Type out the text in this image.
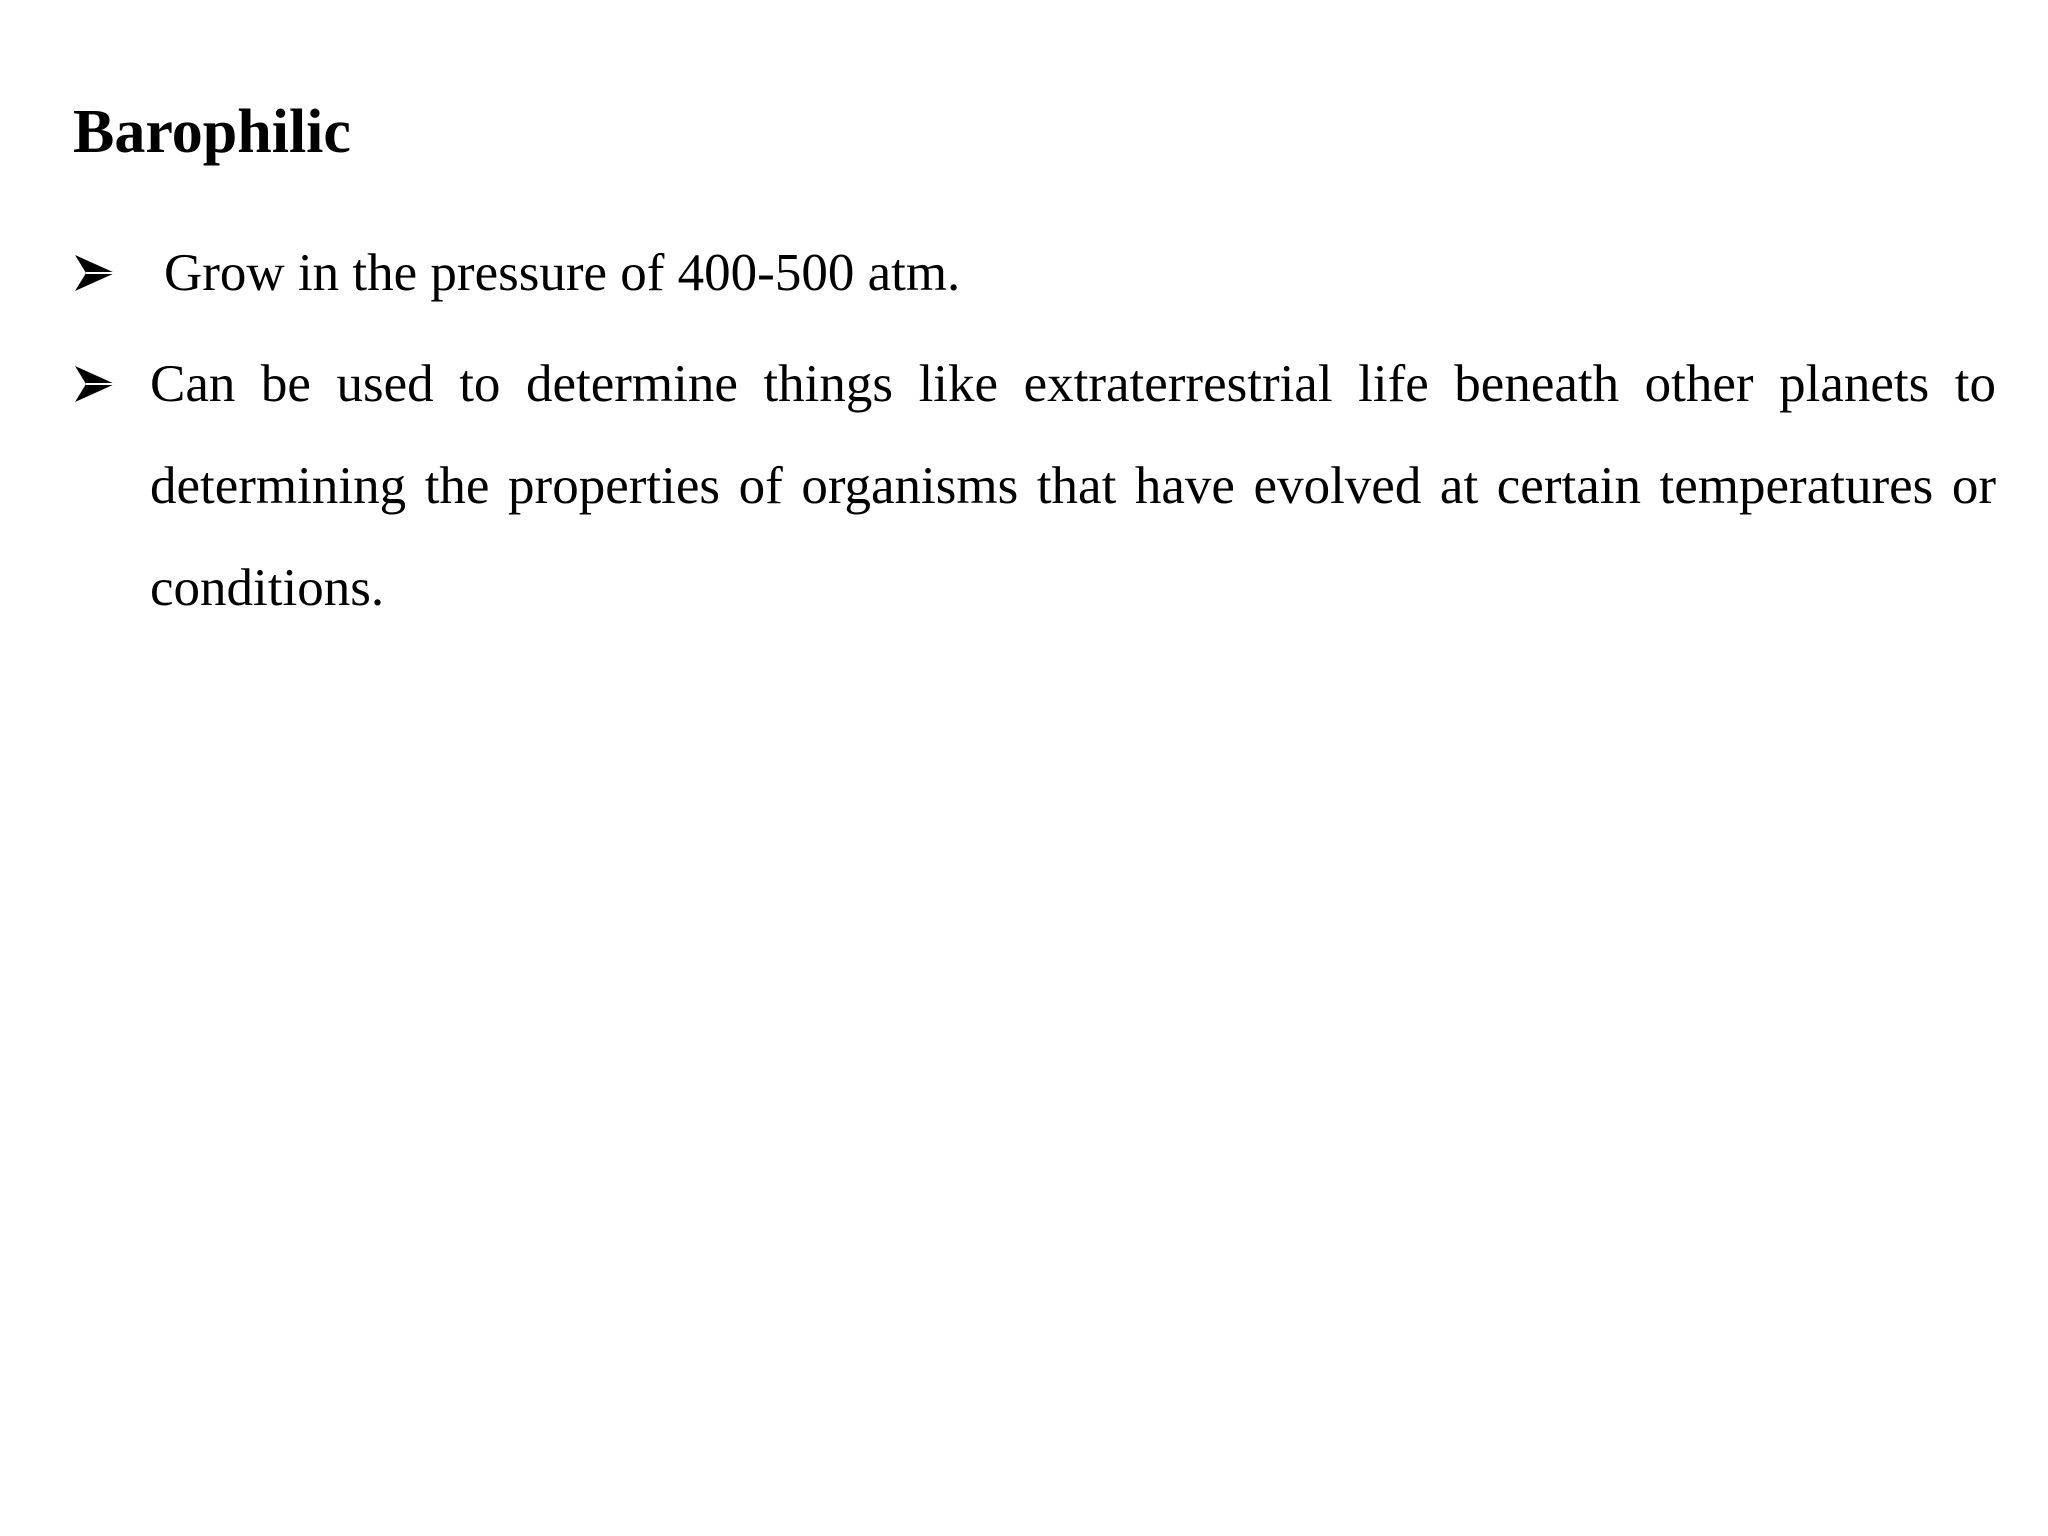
Barophilic
Grow in the pressure of 400-500 atm.
Can be used to determine things like extraterrestrial life beneath other planets to determining the properties of organisms that have evolved at certain temperatures or conditions.
